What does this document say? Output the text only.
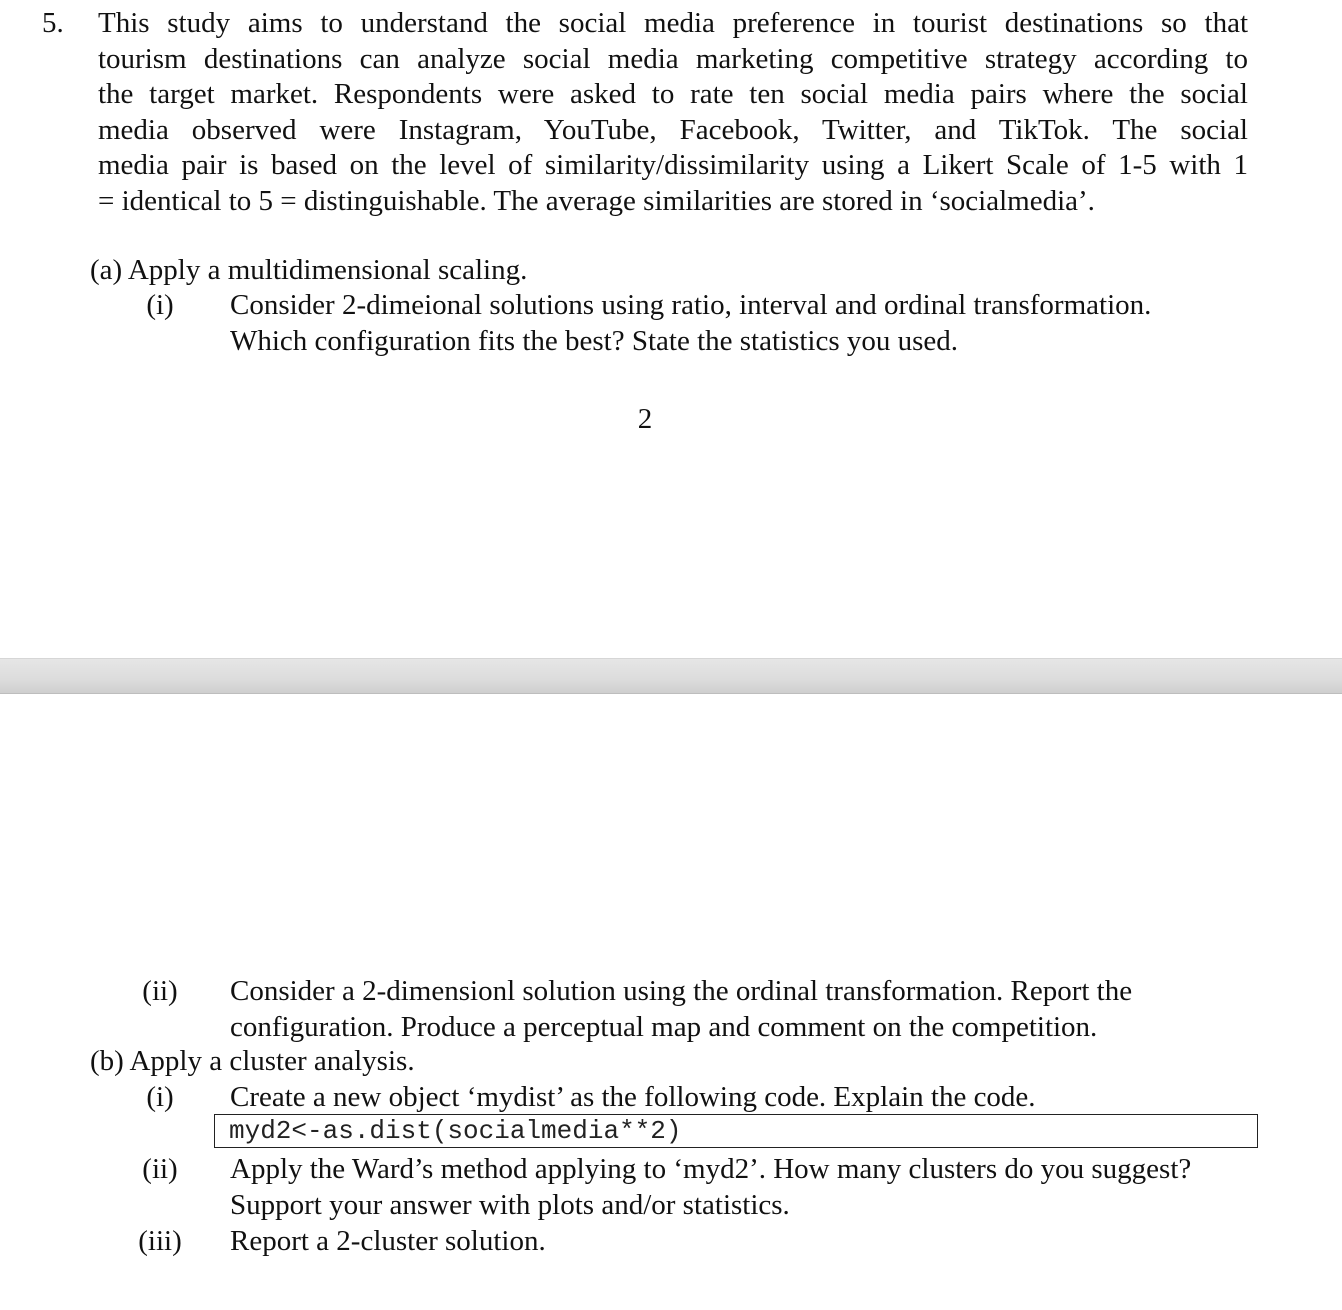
5. This study aims to understand the social media preference in tourist destinations so that
tourism destinations can analyze social media marketing competitive strategy according to
the target market. Respondents were asked to rate ten social media pairs where the social
media observed were Instagram, YouTube, Facebook, Twitter, and TikTok. The social
media pair is based on the level of similarity/dissimilarity using a Likert Scale of 1-5 with 1
= identical to 5 = distinguishable. The average similarities are stored in ‘socialmedia’.
(a) Apply a multidimensional scaling.
(i)	Consider 2-dimeional solutions using ratio, interval and ordinal transformation.
Which configuration fits the best? State the statistics you used.
2
(ii)	Consider a 2-dimensionl solution using the ordinal transformation. Report the
configuration. Produce a perceptual map and comment on the competition.
(b) Apply a cluster analysis.
(i)	Create a new object ‘mydist’ as the following code. Explain the code.
myd2<-as.dist(socialmedia**2)
(ii)	Apply the Ward’s method applying to ‘myd2’. How many clusters do you suggest?
Support your answer with plots and/or statistics.
(iii) Report a 2-cluster solution.
